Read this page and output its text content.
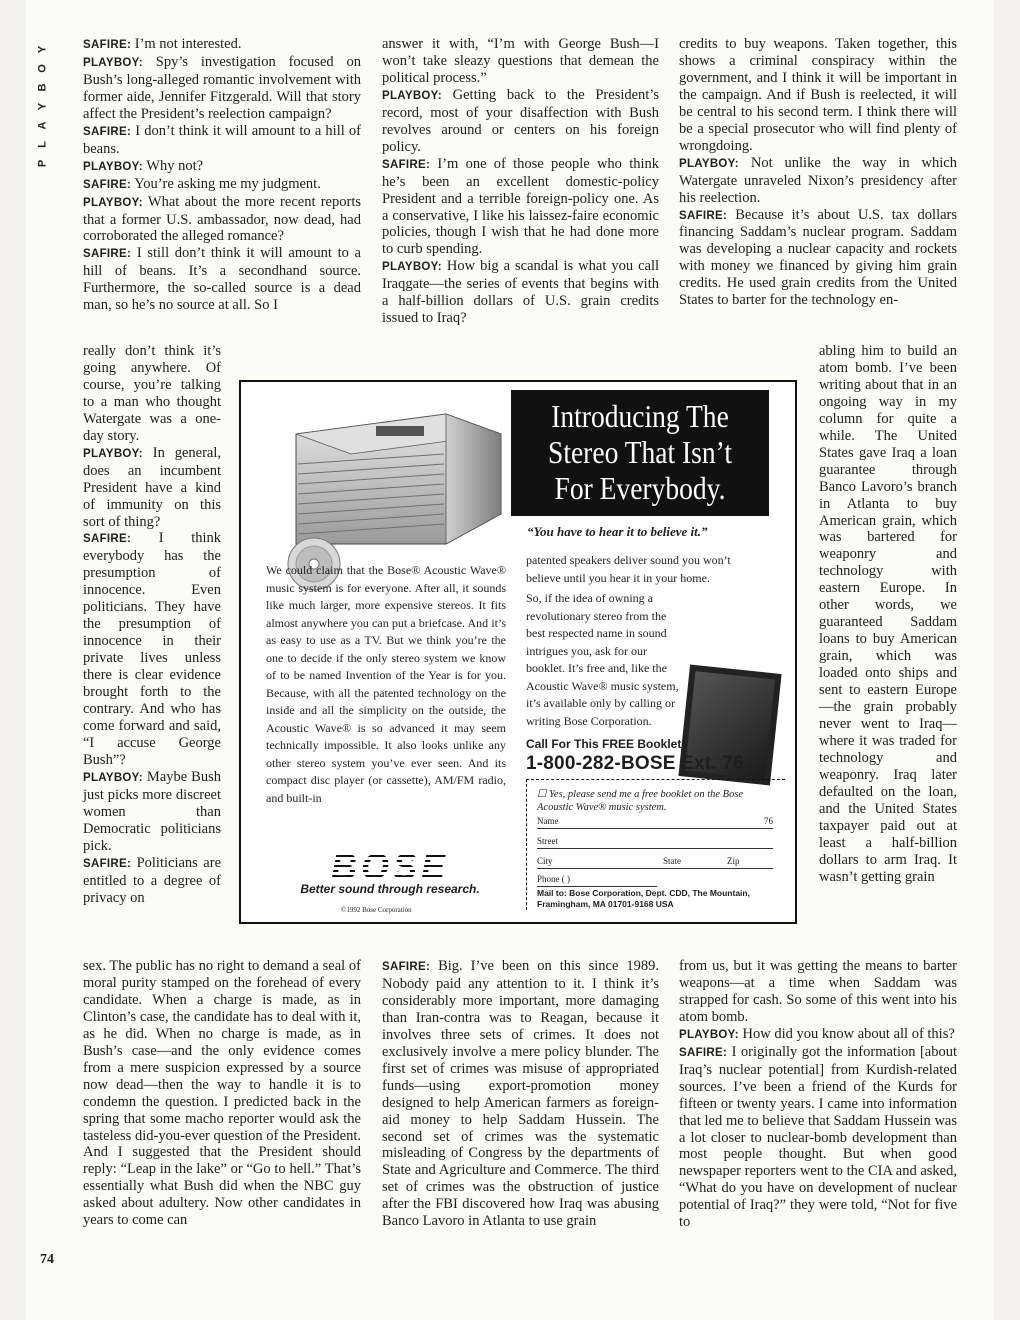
Y
O
B
Y
A
L
P

SAFIRE: I’m not interested.

PLAYBOY: Spy’s investigation focused on Bush’s long-alleged romantic involvement with former aide, Jennifer Fitzgerald. Will that story affect the President’s reelection campaign?

SAFIRE: I don’t think it will amount to a hill of beans.

PLAYBOY: Why not?

SAFIRE: You’re asking me my judgment.

PLAYBOY: What about the more recent reports that a former U.S. ambassador, now dead, had corroborated the alleged romance?

SAFIRE: I still don’t think it will amount to a hill of beans. It’s a secondhand source. Furthermore, the so-called source is a dead man, so he’s no source at all. So I

really don’t think it’s going anywhere. Of course, you’re talking to a man who thought Watergate was a one-day story.

PLAYBOY: In general, does an incumbent President have a kind of immunity on this sort of thing?

SAFIRE: I think everybody has the presumption of innocence. Even politicians. They have the presumption of innocence in their private lives unless there is clear evidence brought forth to the contrary. And who has come forward and said, “I accuse George Bush”?

PLAYBOY: Maybe Bush just picks more discreet women than Democratic politicians pick.

SAFIRE: Politicians are entitled to a degree of privacy on

sex. The public has no right to demand a seal of moral purity stamped on the forehead of every candidate. When a charge is made, as in Clinton’s case, the candidate has to deal with it, as he did. When no charge is made, as in Bush’s case—and the only evidence comes from a mere suspicion expressed by a source now dead—then the way to handle it is to condemn the question. I predicted back in the spring that some macho reporter would ask the tasteless did-you-ever question of the President. And I suggested that the President should reply: “Leap in the lake” or “Go to hell.” That’s essentially what Bush did when the NBC guy asked about adultery. Now other candidates in years to come can

answer it with, “I’m with George Bush—I won’t take sleazy questions that demean the political process.”

PLAYBOY: Getting back to the President’s record, most of your disaffection with Bush revolves around or centers on his foreign policy.

SAFIRE: I’m one of those people who think he’s been an excellent domestic-policy President and a terrible foreign-policy one. As a conservative, I like his laissez-faire economic policies, though I wish that he had done more to curb spending.

PLAYBOY: How big a scandal is what you call Iraqgate—the series of events that begins with a half-billion dollars of U.S. grain credits issued to Iraq?

SAFIRE: Big. I’ve been on this since 1989. Nobody paid any attention to it. I think it’s considerably more important, more damaging than Iran-contra was to Reagan, because it involves three sets of crimes. It does not exclusively involve a mere policy blunder. The first set of crimes was misuse of appropriated funds—using export-promotion money designed to help American farmers as foreign-aid money to help Saddam Hussein. The second set of crimes was the systematic misleading of Congress by the departments of State and Agriculture and Commerce. The third set of crimes was the obstruction of justice after the FBI discovered how Iraq was abusing Banco Lavoro in Atlanta to use grain

credits to buy weapons. Taken together, this shows a criminal conspiracy within the government, and I think it will be important in the campaign. And if Bush is reelected, it will be central to his second term. I think there will be a special prosecutor who will find plenty of wrongdoing.

PLAYBOY: Not unlike the way in which Watergate unraveled Nixon’s presidency after his reelection.

SAFIRE: Because it’s about U.S. tax dollars financing Saddam’s nuclear program. Saddam was developing a nuclear capacity and rockets with money we financed by giving him grain credits. He used grain credits from the United States to barter for the technology en-

abling him to build an atom bomb. I’ve been writing about that in an ongoing way in my column for quite a while. The United States gave Iraq a loan guarantee through Banco Lavoro’s branch in Atlanta to buy American grain, which was bartered for weaponry and technology with eastern Europe. In other words, we guaranteed Saddam loans to buy American grain, which was loaded onto ships and sent to eastern Europe—the grain probably never went to Iraq—where it was traded for technology and weaponry. Iraq later defaulted on the loan, and the United States taxpayer paid out at least a half-billion dollars to arm Iraq. It wasn’t getting grain

from us, but it was getting the means to barter weapons—at a time when Saddam was strapped for cash. So some of this went into his atom bomb.

PLAYBOY: How did you know about all of this?

SAFIRE: I originally got the information [about Iraq’s nuclear potential] from Kurdish-related sources. I’ve been a friend of the Kurds for fifteen or twenty years. I came into information that led me to believe that Saddam Hussein was a lot closer to nuclear-bomb development than most people thought. But when good newspaper reporters went to the CIA and asked, “What do you have on development of nuclear potential of Iraq?” they were told, “Not for five to

74
Introducing The
Stereo That Isn’t
For Everybody.
“You have to hear it to believe it.”
We could claim that the Bose® Acoustic Wave® music system is for everyone. After all, it sounds like much larger, more expensive stereos. It fits almost anywhere you can put a briefcase. And it’s as easy to use as a TV. But we think you’re the one to decide if the only stereo system we know of to be named Invention of the Year is for you. Because, with all the patented technology on the inside and all the simplicity on the outside, the Acoustic Wave® is so advanced it may seem technically impossible. It also looks unlike any other stereo system you’ve ever seen. And its compact disc player (or cassette), AM/FM radio, and built-in
patented speakers deliver sound you won’t believe until you hear it in your home.
So, if the idea of owning a revolutionary stereo from the best respected name in sound intrigues you, ask for our booklet. It’s free and, like the Acoustic Wave® music system, it’s available only by calling or writing Bose Corporation.
Call For This FREE Booklet!
1-800-282-BOSE Ext. 76
☐ Yes, please send me a free booklet on the Bose Acoustic Wave® music system.
Name	76
Street
City	State	Zip
Phone ( )
Mail to: Bose Corporation, Dept. CDD, The Mountain, Framingham, MA 01701-9168 USA
BOSE
Better sound through research.
©1992 Bose Corporation
